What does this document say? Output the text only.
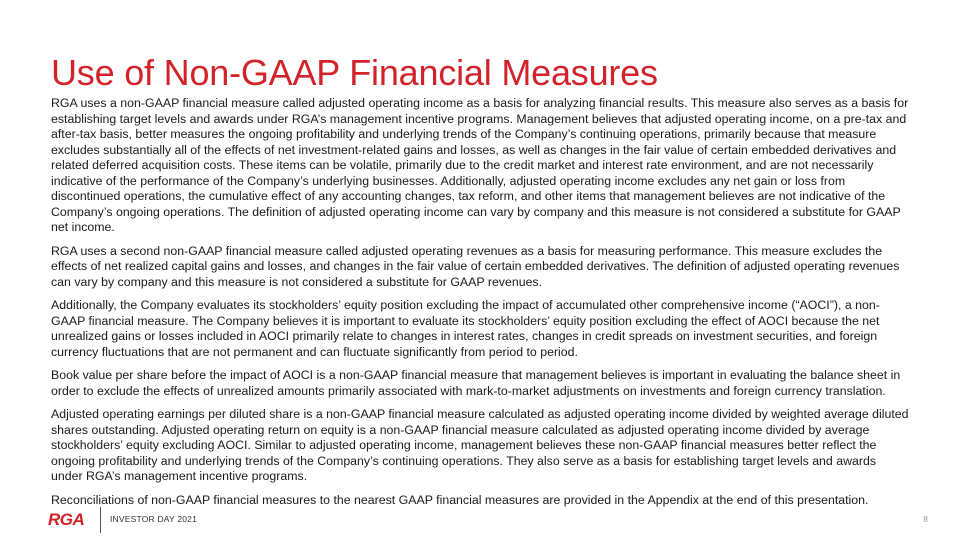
Use of Non-GAAP Financial Measures

RGA uses a non-GAAP financial measure called adjusted operating income as a basis for analyzing financial results. This measure also serves as a basis for establishing target levels and awards under RGA’s management incentive programs. Management believes that adjusted operating income, on a pre-tax and after-tax basis, better measures the ongoing profitability and underlying trends of the Company’s continuing operations, primarily because that measure excludes substantially all of the effects of net investment-related gains and losses, as well as changes in the fair value of certain embedded derivatives and related deferred acquisition costs. These items can be volatile, primarily due to the credit market and interest rate environment, and are not necessarily indicative of the performance of the Company’s underlying businesses. Additionally, adjusted operating income excludes any net gain or loss from discontinued operations, the cumulative effect of any accounting changes, tax reform, and other items that management believes are not indicative of the Company’s ongoing operations. The definition of adjusted operating income can vary by company and this measure is not considered a substitute for GAAP net income.

RGA uses a second non-GAAP financial measure called adjusted operating revenues as a basis for measuring performance. This measure excludes the effects of net realized capital gains and losses, and changes in the fair value of certain embedded derivatives. The definition of adjusted operating revenues can vary by company and this measure is not considered a substitute for GAAP revenues.

Additionally, the Company evaluates its stockholders’ equity position excluding the impact of accumulated other comprehensive income (“AOCI”), a non-GAAP financial measure. The Company believes it is important to evaluate its stockholders’ equity position excluding the effect of AOCI because the net unrealized gains or losses included in AOCI primarily relate to changes in interest rates, changes in credit spreads on investment securities, and foreign currency fluctuations that are not permanent and can fluctuate significantly from period to period.

Book value per share before the impact of AOCI is a non-GAAP financial measure that management believes is important in evaluating the balance sheet in order to exclude the effects of unrealized amounts primarily associated with mark-to-market adjustments on investments and foreign currency translation.

Adjusted operating earnings per diluted share is a non-GAAP financial measure calculated as adjusted operating income divided by weighted average diluted shares outstanding. Adjusted operating return on equity is a non-GAAP financial measure calculated as adjusted operating income divided by average stockholders’ equity excluding AOCI. Similar to adjusted operating income, management believes these non-GAAP financial measures better reflect the ongoing profitability and underlying trends of the Company’s continuing operations. They also serve as a basis for establishing target levels and awards under RGA’s management incentive programs.

Reconciliations of non-GAAP financial measures to the nearest GAAP financial measures are provided in the Appendix at the end of this presentation.

RGA	INVESTOR DAY 2021	8
